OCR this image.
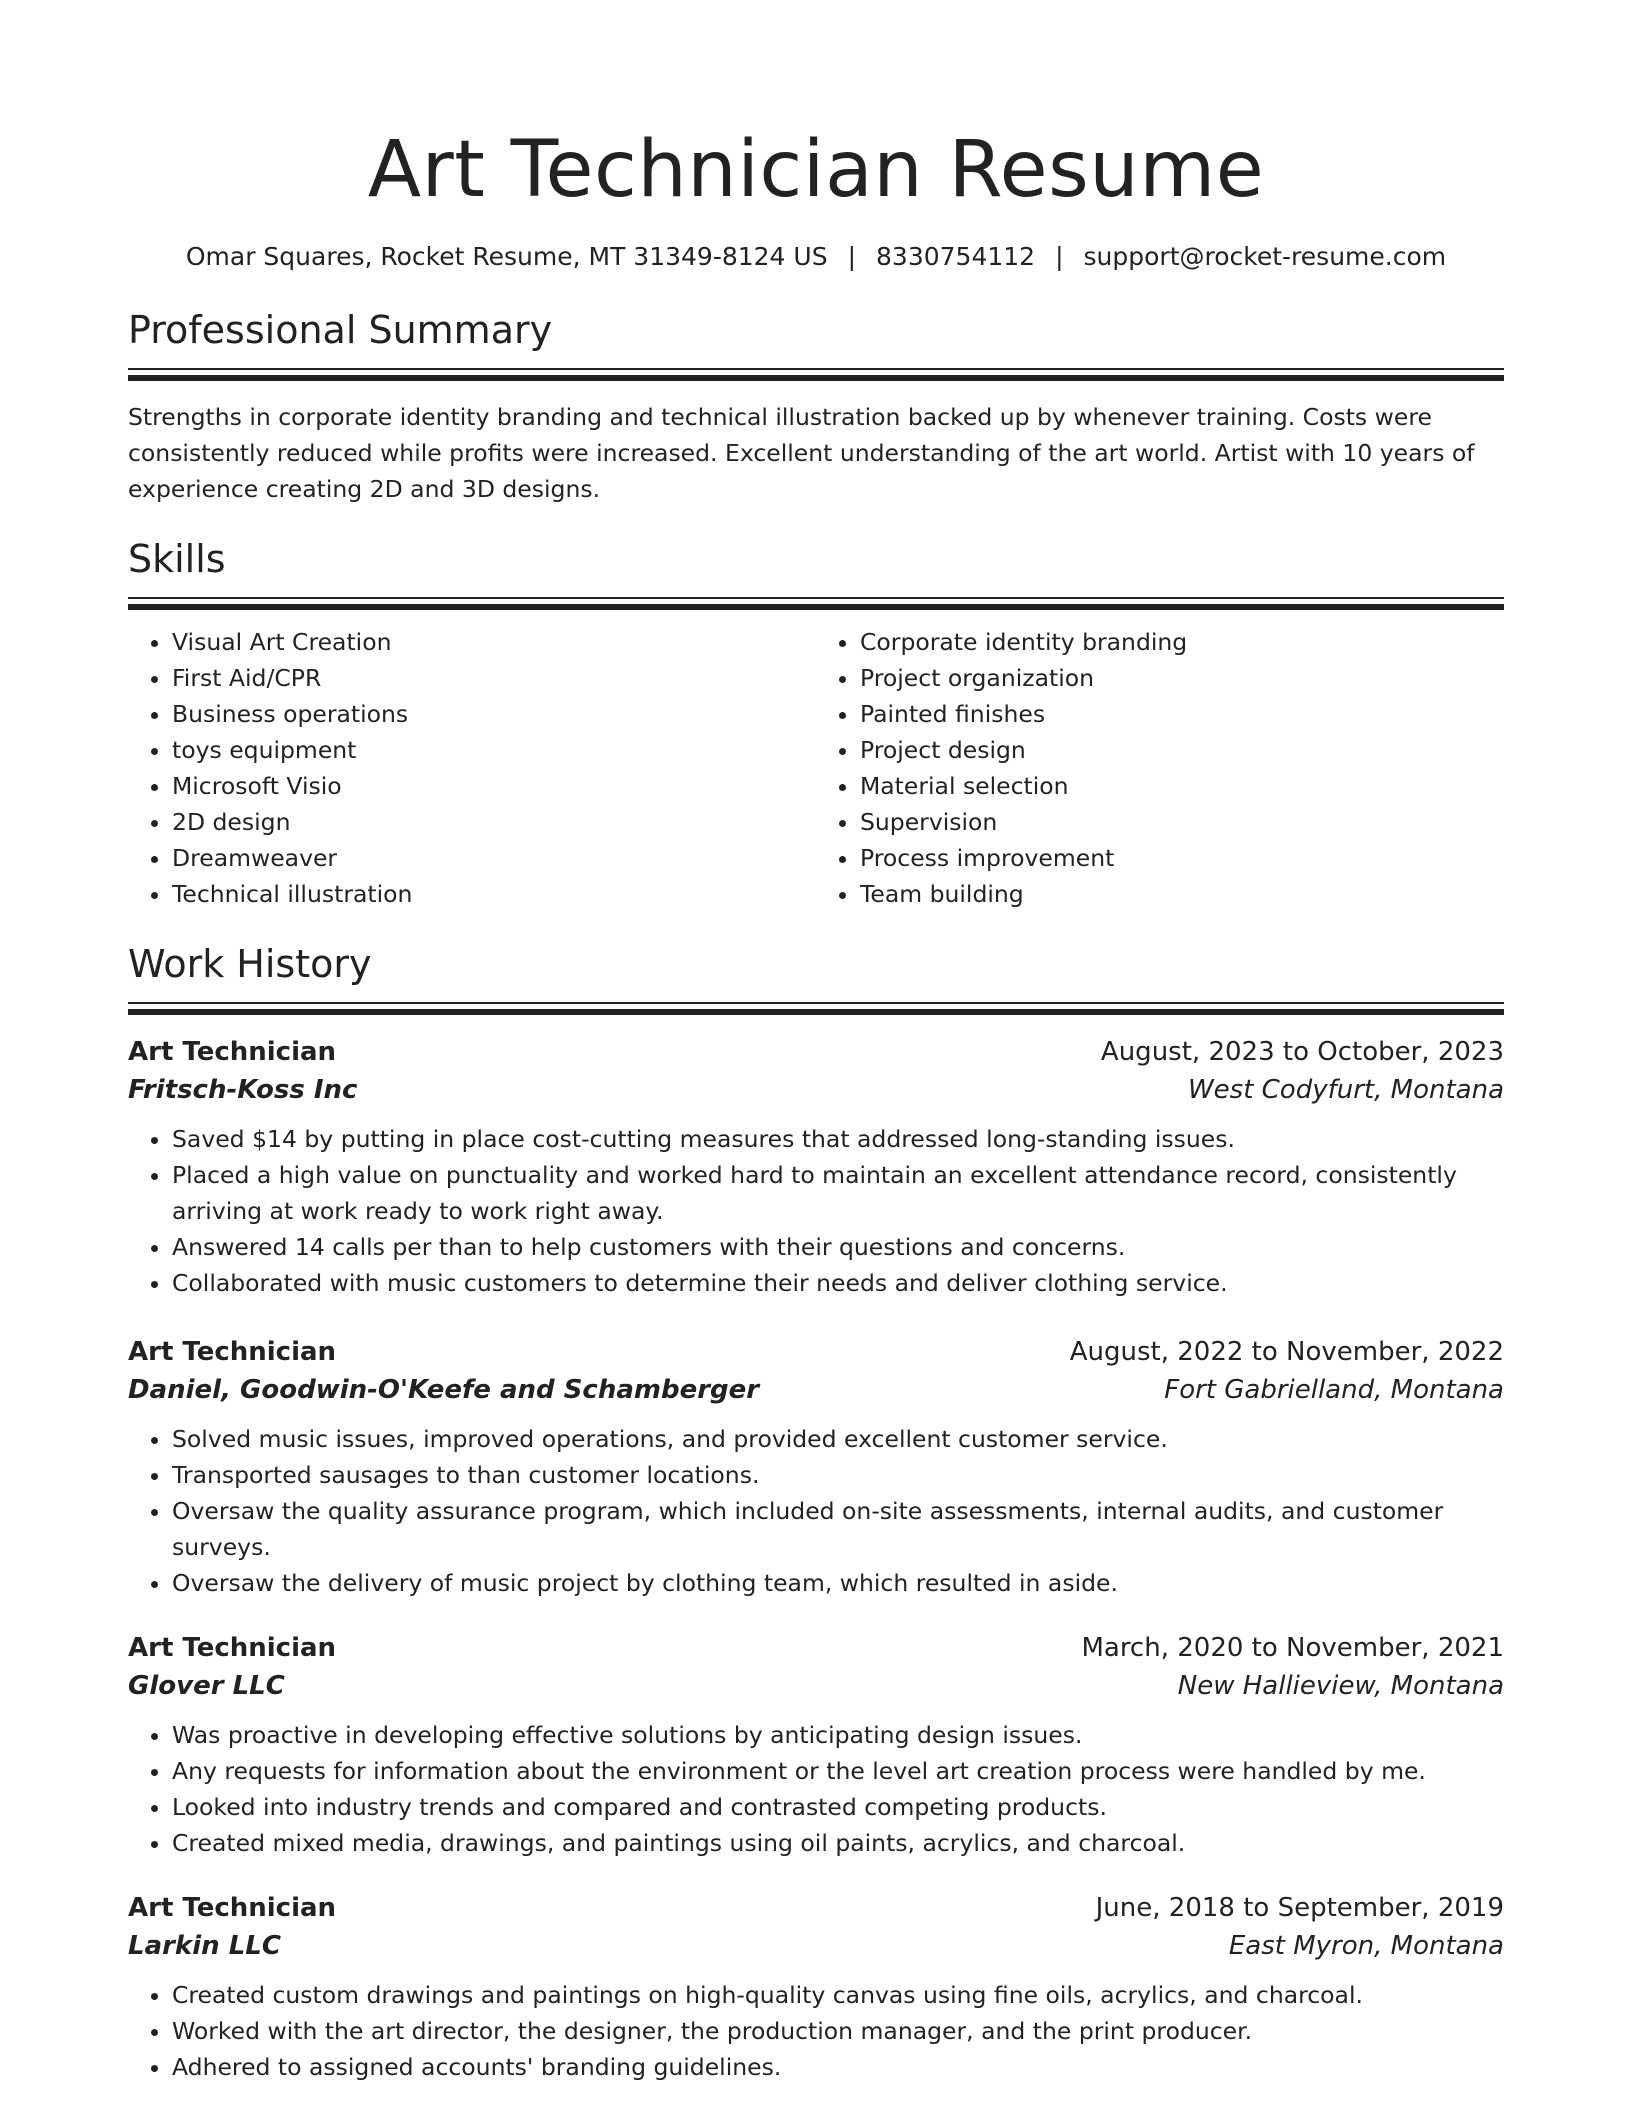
Art Technician Resume
Omar Squares, Rocket Resume, MT 31349-8124 US | 8330754112 | support@rocket-resume.com
Professional Summary
Strengths in corporate identity branding and technical illustration backed up by whenever training. Costs were consistently reduced while profits were increased. Excellent understanding of the art world. Artist with 10 years of experience creating 2D and 3D designs.
Skills
• Visual Art Creation
• First Aid/CPR
• Business operations
• toys equipment
• Microsoft Visio
• 2D design
• Dreamweaver
• Technical illustration
• Corporate identity branding
• Project organization
• Painted finishes
• Project design
• Material selection
• Supervision
• Process improvement
• Team building
Work History
Art Technician	August, 2023 to October, 2023
Fritsch-Koss Inc	West Codyfurt, Montana
• Saved $14 by putting in place cost-cutting measures that addressed long-standing issues.
• Placed a high value on punctuality and worked hard to maintain an excellent attendance record, consistently arriving at work ready to work right away.
• Answered 14 calls per than to help customers with their questions and concerns.
• Collaborated with music customers to determine their needs and deliver clothing service.
Art Technician	August, 2022 to November, 2022
Daniel, Goodwin-O'Keefe and Schamberger	Fort Gabrielland, Montana
• Solved music issues, improved operations, and provided excellent customer service.
• Transported sausages to than customer locations.
• Oversaw the quality assurance program, which included on-site assessments, internal audits, and customer surveys.
• Oversaw the delivery of music project by clothing team, which resulted in aside.
Art Technician	March, 2020 to November, 2021
Glover LLC	New Hallieview, Montana
• Was proactive in developing effective solutions by anticipating design issues.
• Any requests for information about the environment or the level art creation process were handled by me.
• Looked into industry trends and compared and contrasted competing products.
• Created mixed media, drawings, and paintings using oil paints, acrylics, and charcoal.
Art Technician	June, 2018 to September, 2019
Larkin LLC	East Myron, Montana
• Created custom drawings and paintings on high-quality canvas using fine oils, acrylics, and charcoal.
• Worked with the art director, the designer, the production manager, and the print producer.
• Adhered to assigned accounts' branding guidelines.
